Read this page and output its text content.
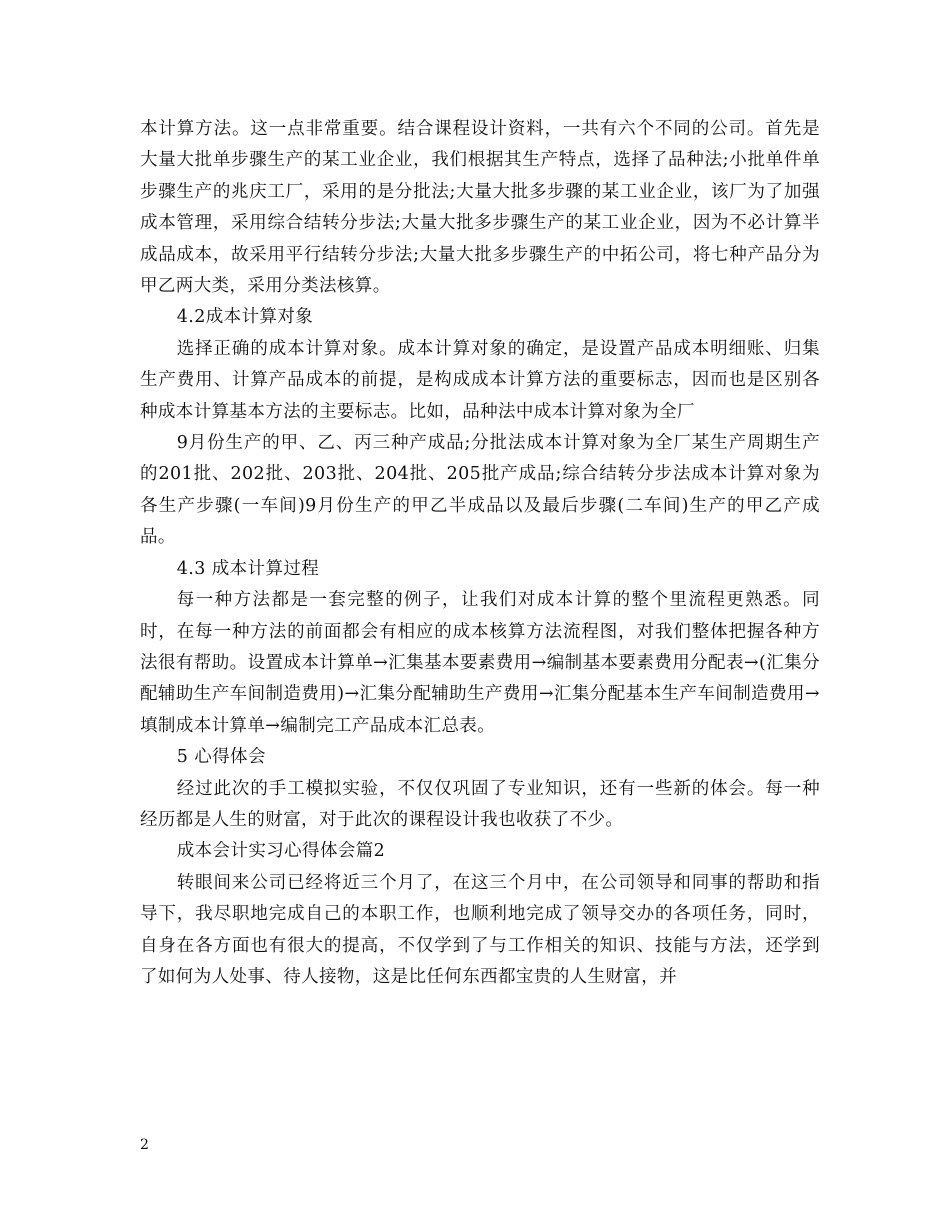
本计算方法。这一点非常重要。结合课程设计资料，一共有六个不同的公司。首先是大量大批单步骤生产的某工业企业，我们根据其生产特点，选择了品种法;小批单件单步骤生产的兆庆工厂，采用的是分批法;大量大批多步骤的某工业企业，该厂为了加强成本管理，采用综合结转分步法;大量大批多步骤生产的某工业企业，因为不必计算半成品成本，故采用平行结转分步法;大量大批多步骤生产的中拓公司，将七种产品分为甲乙两大类，采用分类法核算。

4.2成本计算对象

选择正确的成本计算对象。成本计算对象的确定，是设置产品成本明细账、归集生产费用、计算产品成本的前提，是构成成本计算方法的重要标志，因而也是区别各种成本计算基本方法的主要标志。比如，品种法中成本计算对象为全厂

9月份生产的甲、乙、丙三种产成品;分批法成本计算对象为全厂某生产周期生产的201批、202批、203批、204批、205批产成品;综合结转分步法成本计算对象为各生产步骤(一车间)9月份生产的甲乙半成品以及最后步骤(二车间)生产的甲乙产成品。

4.3 成本计算过程

每一种方法都是一套完整的例子，让我们对成本计算的整个里流程更熟悉。同时，在每一种方法的前面都会有相应的成本核算方法流程图，对我们整体把握各种方法很有帮助。设置成本计算单→汇集基本要素费用→编制基本要素费用分配表→(汇集分配辅助生产车间制造费用)→汇集分配辅助生产费用→汇集分配基本生产车间制造费用→填制成本计算单→编制完工产品成本汇总表。

5 心得体会

经过此次的手工模拟实验，不仅仅巩固了专业知识，还有一些新的体会。每一种经历都是人生的财富，对于此次的课程设计我也收获了不少。

成本会计实习心得体会篇2

转眼间来公司已经将近三个月了，在这三个月中，在公司领导和同事的帮助和指导下，我尽职地完成自己的本职工作，也顺利地完成了领导交办的各项任务，同时，自身在各方面也有很大的提高，不仅学到了与工作相关的知识、技能与方法，还学到了如何为人处事、待人接物，这是比任何东西都宝贵的人生财富，并

2
